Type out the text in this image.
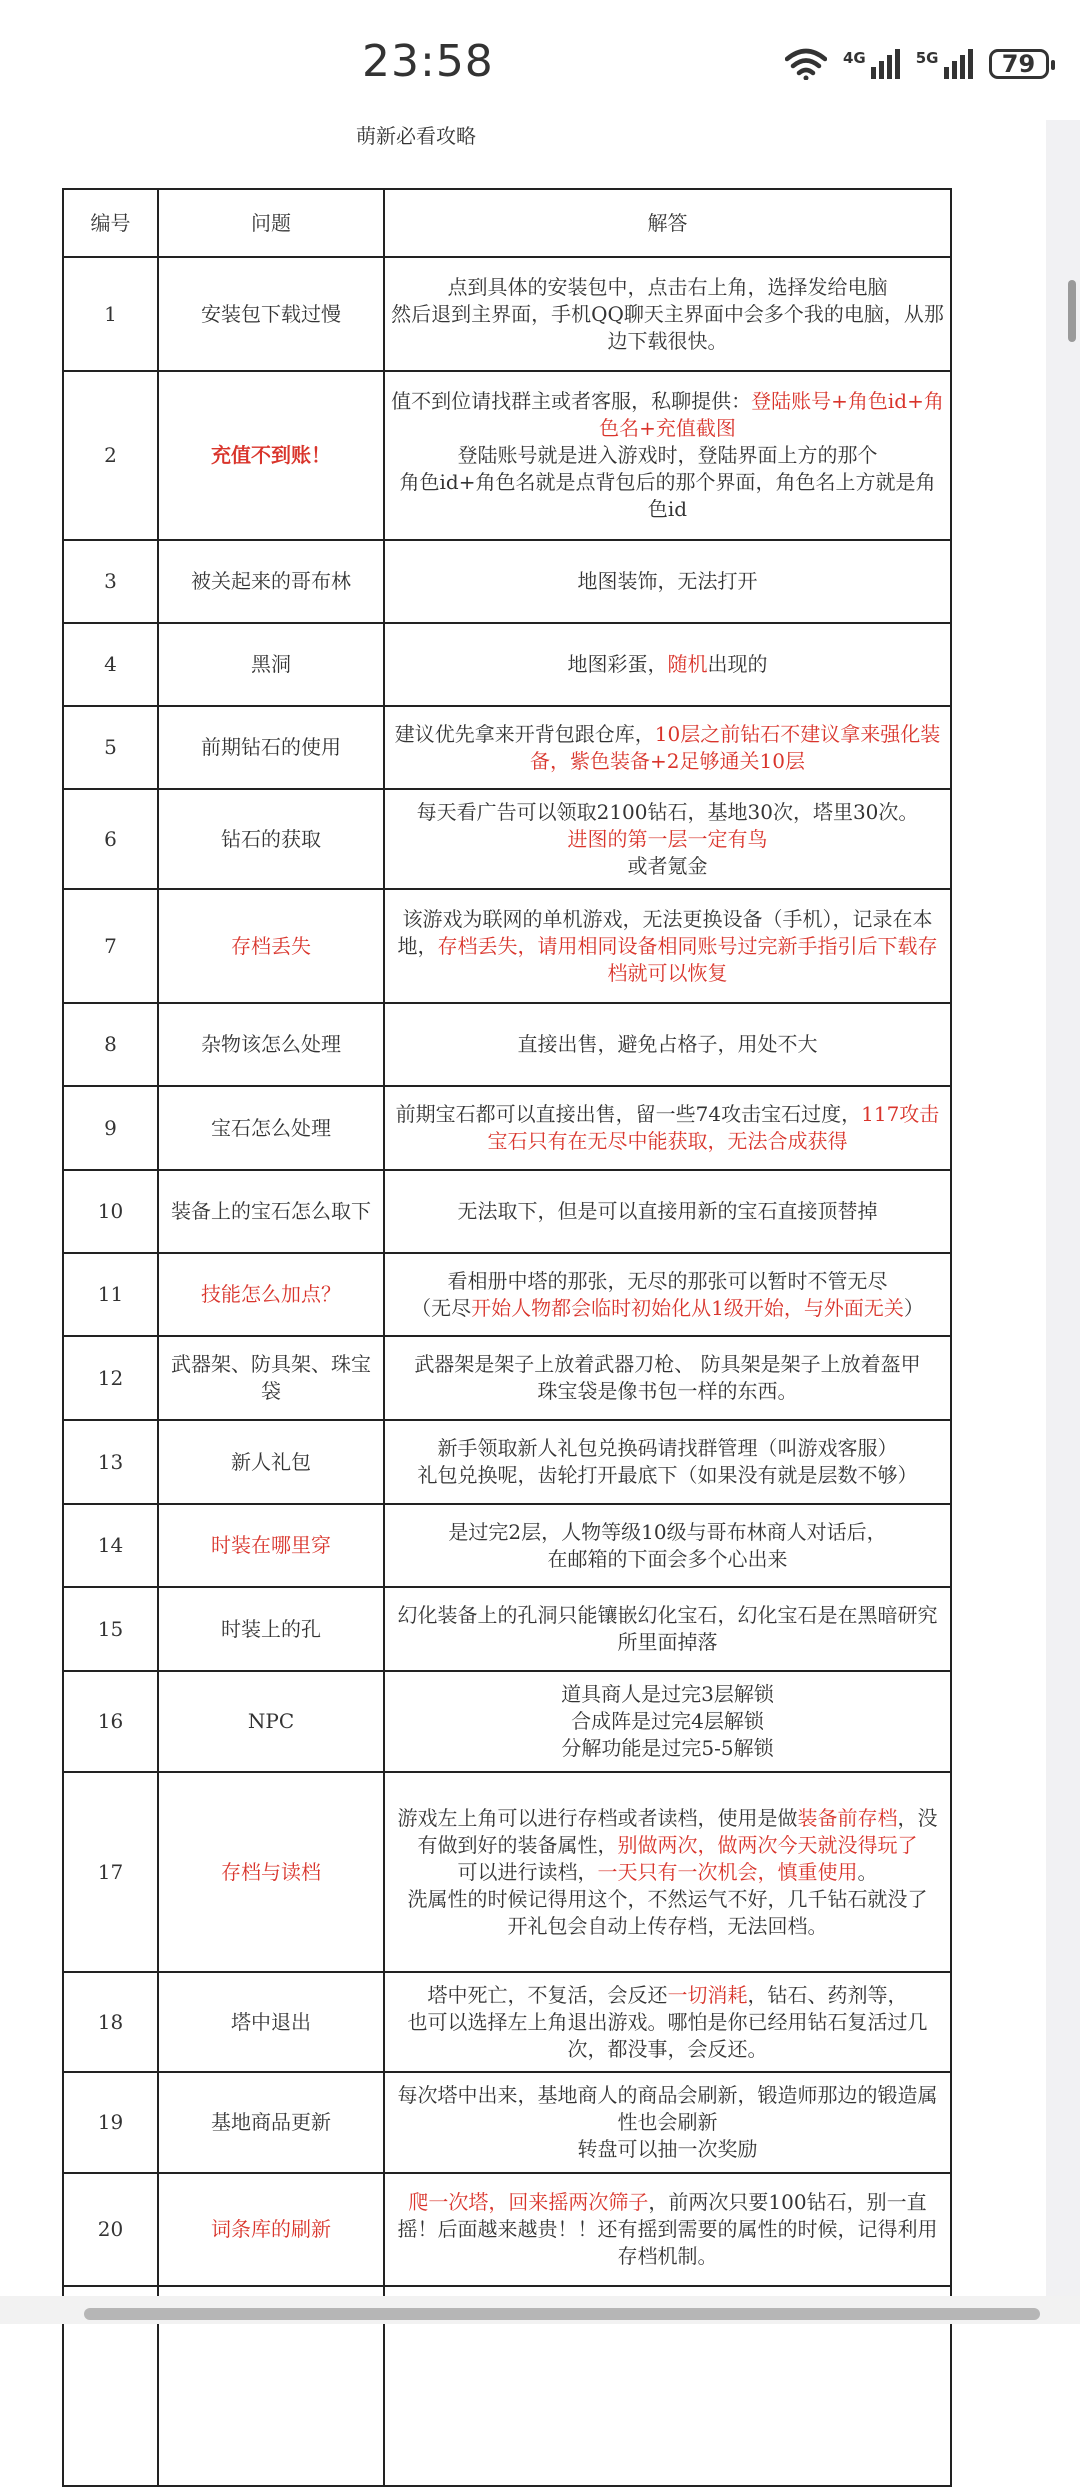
23:58	4G	5G	79
萌新必看攻略
编号	问题	解答
1	安装包下载过慢	点到具体的安装包中，点击右上角，选择发给电脑
然后退到主界面，手机QQ聊天主界面中会多个我的电脑，从那边下载很快。

2	充值不到账！	值不到位请找群主或者客服，私聊提供：登陆账号+角色id+角色名+充值截图
登陆账号就是进入游戏时，登陆界面上方的那个
角色id+角色名就是点背包后的那个界面，角色名上方就是角色id

3	被关起来的哥布林	地图装饰，无法打开

4	黑洞	地图彩蛋，随机出现的

5	前期钻石的使用	建议优先拿来开背包跟仓库，10层之前钻石不建议拿来强化装备，紫色装备+2足够通关10层

6	钻石的获取	每天看广告可以领取2100钻石，基地30次，塔里30次。
进图的第一层一定有鸟
或者氪金

7	存档丢失	该游戏为联网的单机游戏，无法更换设备（手机），记录在本地，存档丢失，请用相同设备相同账号过完新手指引后下载存档就可以恢复

8	杂物该怎么处理	直接出售，避免占格子，用处不大

9	宝石怎么处理	前期宝石都可以直接出售，留一些74攻击宝石过度，117攻击宝石只有在无尽中能获取，无法合成获得

10	装备上的宝石怎么取下	无法取下，但是可以直接用新的宝石直接顶替掉

11	技能怎么加点？	看相册中塔的那张，无尽的那张可以暂时不管无尽
（无尽开始人物都会临时初始化从1级开始，与外面无关）

12	武器架、防具架、珠宝袋	武器架是架子上放着武器刀枪、 防具架是架子上放着盔甲
珠宝袋是像书包一样的东西。

13	新人礼包	新手领取新人礼包兑换码请找群管理（叫游戏客服）
礼包兑换呢，齿轮打开最底下（如果没有就是层数不够）

14	时装在哪里穿	是过完2层，人物等级10级与哥布林商人对话后，
在邮箱的下面会多个心出来

15	时装上的孔	幻化装备上的孔洞只能镶嵌幻化宝石，幻化宝石是在黑暗研究所里面掉落

16	NPC	道具商人是过完3层解锁
合成阵是过完4层解锁
分解功能是过完5-5解锁

17	存档与读档	游戏左上角可以进行存档或者读档，使用是做装备前存档，没有做到好的装备属性，别做两次，做两次今天就没得玩了
可以进行读档，一天只有一次机会，慎重使用。
洗属性的时候记得用这个，不然运气不好，几千钻石就没了
开礼包会自动上传存档，无法回档。

18	塔中退出	塔中死亡，不复活，会反还一切消耗，钻石、药剂等，
也可以选择左上角退出游戏。哪怕是你已经用钻石复活过几次，都没事，会反还。

19	基地商品更新	每次塔中出来，基地商人的商品会刷新，锻造师那边的锻造属性也会刷新
转盘可以抽一次奖励

20	词条库的刷新	爬一次塔，回来摇两次筛子，前两次只要100钻石，别一直摇！后面越来越贵！！还有摇到需要的属性的时候，记得利用存档机制。
